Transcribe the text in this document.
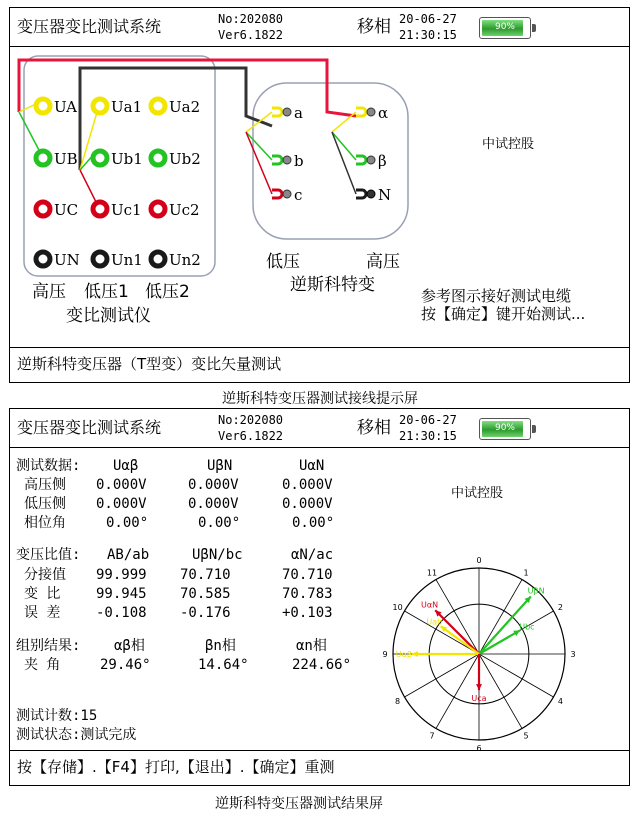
变压器变比测试系统	No:202080
Ver6.1822	移相 20-06-27
21:30:15
90%
UA
UB
UC
UN
Ua1
Ub1
Uc1
Un1
Ua2
Ub2
Uc2
Un2
a
b
c
α
β
N
高压 低压1 低压2
变比测试仪
低压	高压
逆斯科特变
中试控股
参考图示接好测试电缆
按【确定】键开始测试...
逆斯科特变压器（T型变）变比矢量测试
逆斯科特变压器测试接线提示屏
变压器变比测试系统	No:202080
Ver6.1822	移相 20-06-27
21:30:15
90%
测试数据: Uαβ	UβN	UαN
高压侧 0.000V	0.000V	0.000V
低压侧 0.000V	0.000V	0.000V
相位角	0.00°	0.00°	0.00°
变压比值: AB/ab	UβN/bc	αN/ac
分接值 99.999 70.710	70.710
变 比	99.945 70.585	70.783
误 差	-0.108 -0.176	+0.103
组别结果: αβ相	βn相	αn相
夹 角	29.46°	14.64°	224.66°
测试计数:15
测试状态:测试完成
中试控股
0
1
2
3
4
5
6
7
8
9
10
11
UαN
UβN
Ubc
Uab
Uαβ
Uca
按【存储】.【F4】打印,【退出】.【确定】重测
逆斯科特变压器测试结果屏
